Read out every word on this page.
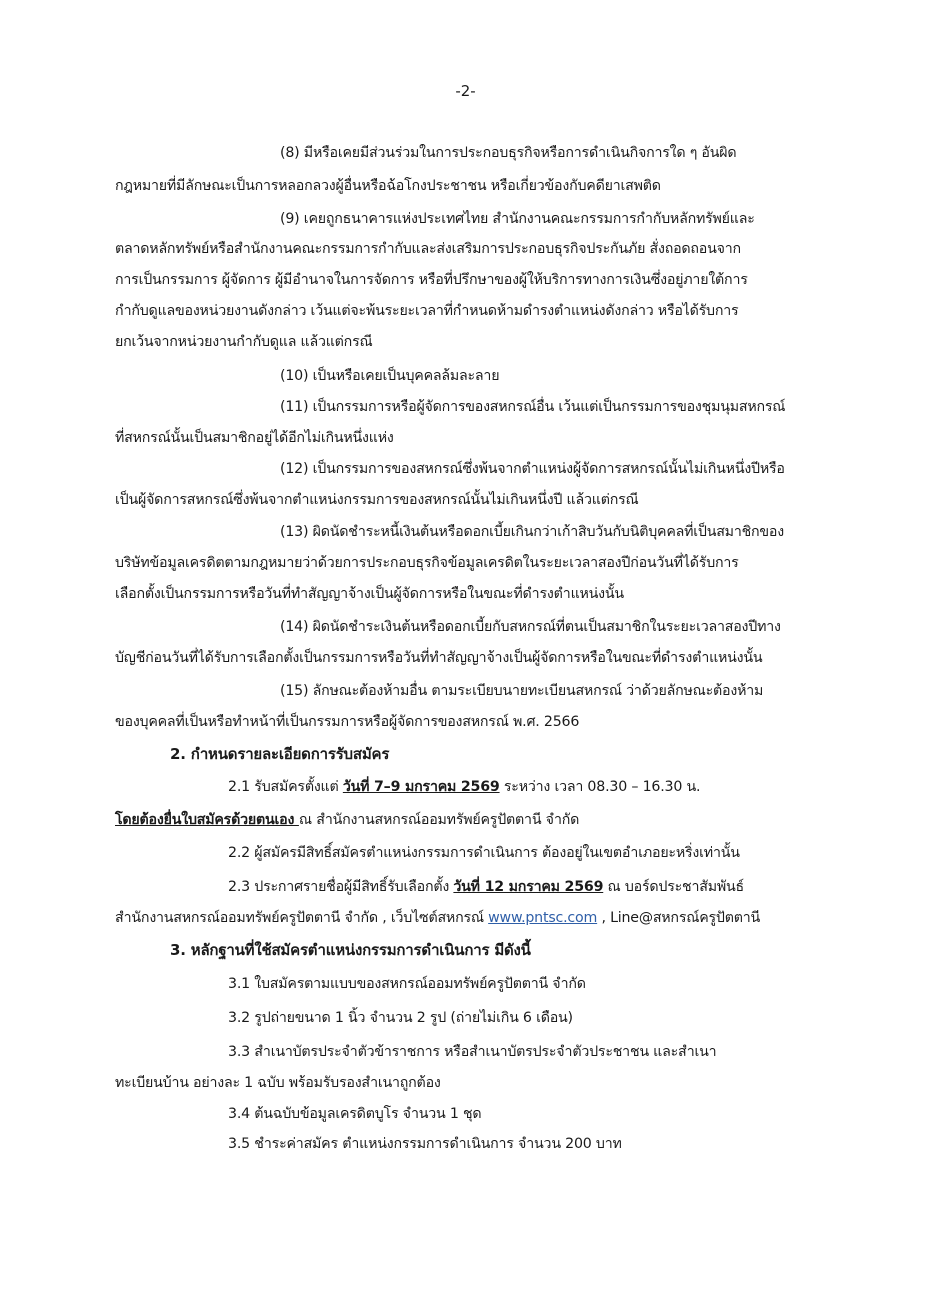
-2-
(8) มีหรือเคยมีส่วนร่วมในการประกอบธุรกิจหรือการดำเนินกิจการใด ๆ อันผิด
กฎหมายที่มีลักษณะเป็นการหลอกลวงผู้อื่นหรือฉ้อโกงประชาชน หรือเกี่ยวข้องกับคดียาเสพติด
(9) เคยถูกธนาคารแห่งประเทศไทย สำนักงานคณะกรรมการกำกับหลักทรัพย์และ
ตลาดหลักทรัพย์หรือสำนักงานคณะกรรมการกำกับและส่งเสริมการประกอบธุรกิจประกันภัย สั่งถอดถอนจาก
การเป็นกรรมการ ผู้จัดการ ผู้มีอำนาจในการจัดการ หรือที่ปรึกษาของผู้ให้บริการทางการเงินซึ่งอยู่ภายใต้การ
กำกับดูแลของหน่วยงานดังกล่าว เว้นแต่จะพ้นระยะเวลาที่กำหนดห้ามดำรงตำแหน่งดังกล่าว หรือได้รับการ
ยกเว้นจากหน่วยงานกำกับดูแล แล้วแต่กรณี
(10) เป็นหรือเคยเป็นบุคคลล้มละลาย
(11) เป็นกรรมการหรือผู้จัดการของสหกรณ์อื่น เว้นแต่เป็นกรรมการของชุมนุมสหกรณ์
ที่สหกรณ์นั้นเป็นสมาชิกอยู่ได้อีกไม่เกินหนึ่งแห่ง
(12) เป็นกรรมการของสหกรณ์ซึ่งพ้นจากตำแหน่งผู้จัดการสหกรณ์นั้นไม่เกินหนึ่งปีหรือ
เป็นผู้จัดการสหกรณ์ซึ่งพ้นจากตำแหน่งกรรมการของสหกรณ์นั้นไม่เกินหนึ่งปี แล้วแต่กรณี
(13) ผิดนัดชำระหนี้เงินต้นหรือดอกเบี้ยเกินกว่าเก้าสิบวันกับนิติบุคคลที่เป็นสมาชิกของ
บริษัทข้อมูลเครดิตตามกฎหมายว่าด้วยการประกอบธุรกิจข้อมูลเครดิตในระยะเวลาสองปีก่อนวันที่ได้รับการ
เลือกตั้งเป็นกรรมการหรือวันที่ทำสัญญาจ้างเป็นผู้จัดการหรือในขณะที่ดำรงตำแหน่งนั้น
(14) ผิดนัดชำระเงินต้นหรือดอกเบี้ยกับสหกรณ์ที่ตนเป็นสมาชิกในระยะเวลาสองปีทาง
บัญชีก่อนวันที่ได้รับการเลือกตั้งเป็นกรรมการหรือวันที่ทำสัญญาจ้างเป็นผู้จัดการหรือในขณะที่ดำรงตำแหน่งนั้น
(15) ลักษณะต้องห้ามอื่น ตามระเบียบนายทะเบียนสหกรณ์ ว่าด้วยลักษณะต้องห้าม
ของบุคคลที่เป็นหรือทำหน้าที่เป็นกรรมการหรือผู้จัดการของสหกรณ์ พ.ศ. 2566
2. กำหนดรายละเอียดการรับสมัคร
2.1 รับสมัครตั้งแต่ วันที่ 7–9 มกราคม 2569 ระหว่าง เวลา 08.30 – 16.30 น.
โดยต้องยื่นใบสมัครด้วยตนเอง ณ สำนักงานสหกรณ์ออมทรัพย์ครูปัตตานี จำกัด
2.2 ผู้สมัครมีสิทธิ์สมัครตำแหน่งกรรมการดำเนินการ ต้องอยู่ในเขตอำเภอยะหริ่งเท่านั้น
2.3 ประกาศรายชื่อผู้มีสิทธิ์รับเลือกตั้ง วันที่ 12 มกราคม 2569 ณ บอร์ดประชาสัมพันธ์
สำนักงานสหกรณ์ออมทรัพย์ครูปัตตานี จำกัด , เว็บไซต์สหกรณ์ www.pntsc.com , Line@สหกรณ์ครูปัตตานี
3. หลักฐานที่ใช้สมัครตำแหน่งกรรมการดำเนินการ มีดังนี้
3.1 ใบสมัครตามแบบของสหกรณ์ออมทรัพย์ครูปัตตานี จำกัด
3.2 รูปถ่ายขนาด 1 นิ้ว จำนวน 2 รูป (ถ่ายไม่เกิน 6 เดือน)
3.3 สำเนาบัตรประจำตัวข้าราชการ หรือสำเนาบัตรประจำตัวประชาชน และสำเนา
ทะเบียนบ้าน อย่างละ 1 ฉบับ พร้อมรับรองสำเนาถูกต้อง
3.4 ต้นฉบับข้อมูลเครดิตบูโร จำนวน 1 ชุด
3.5 ชำระค่าสมัคร ตำแหน่งกรรมการดำเนินการ จำนวน 200 บาท
